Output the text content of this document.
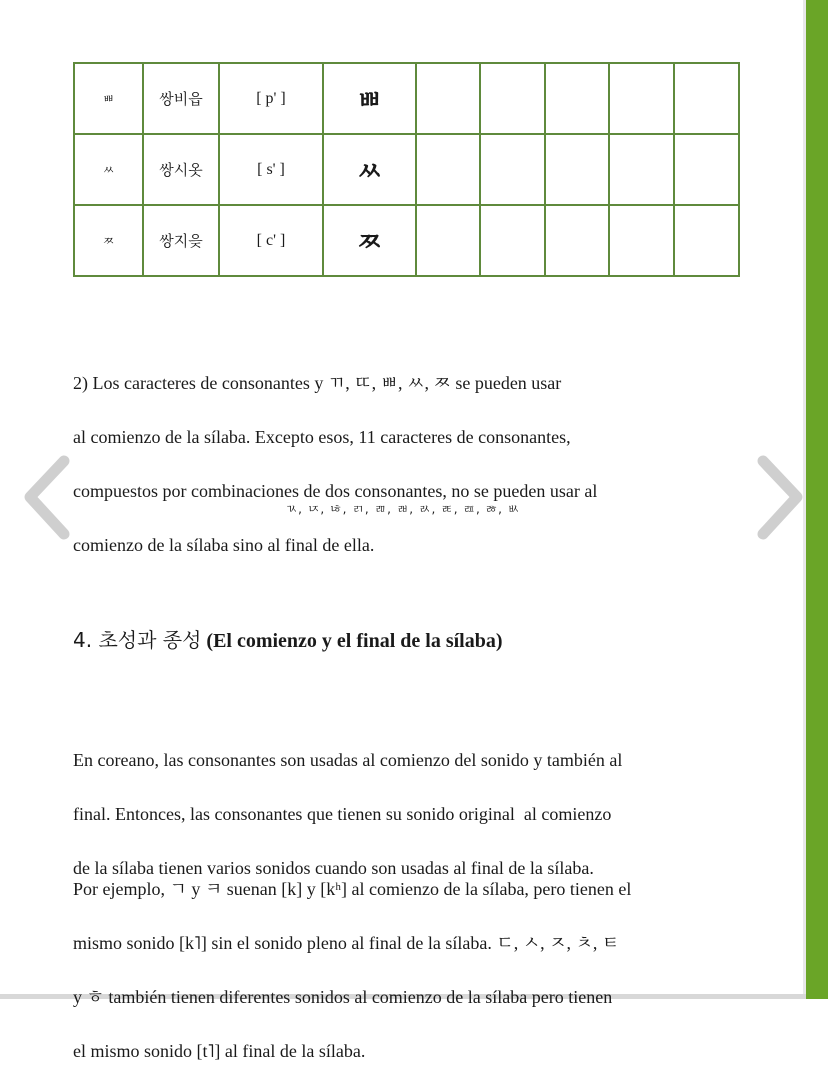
ㅃ	쌍비읍	[ p' ]	ㅃ					
ㅆ	쌍시옷	[ s' ]	ㅆ					
ㅉ	쌍지읒	[ c' ]	ㅉ					

2) Los caracteres de consonantes y ㄲ, ㄸ, ㅃ, ㅆ, ㅉ se pueden usar

al comienzo de la sílaba. Excepto esos, 11 caracteres de consonantes,

compuestos por combinaciones de dos consonantes, no se pueden usar al

comienzo de la sílaba sino al final de ella.

ㄳ, ㄵ, ㄶ, ㄺ, ㄻ, ㄼ, ㄽ, ㄾ, ㄿ, ㅀ, ㅄ
4. 초성과 종성 (El comienzo y el final de la sílaba)

En coreano, las consonantes son usadas al comienzo del sonido y también al

final. Entonces, las consonantes que tienen su sonido original  al comienzo

de la sílaba tienen varios sonidos cuando son usadas al final de la sílaba.

Por ejemplo, ㄱ y ㅋ suenan [k] y [kʰ] al comienzo de la sílaba, pero tienen el

mismo sonido [k˥] sin el sonido pleno al final de la sílaba. ㄷ, ㅅ, ㅈ, ㅊ, ㅌ

y ㅎ también tienen diferentes sonidos al comienzo de la sílaba pero tienen

el mismo sonido [t˥] al final de la sílaba.
